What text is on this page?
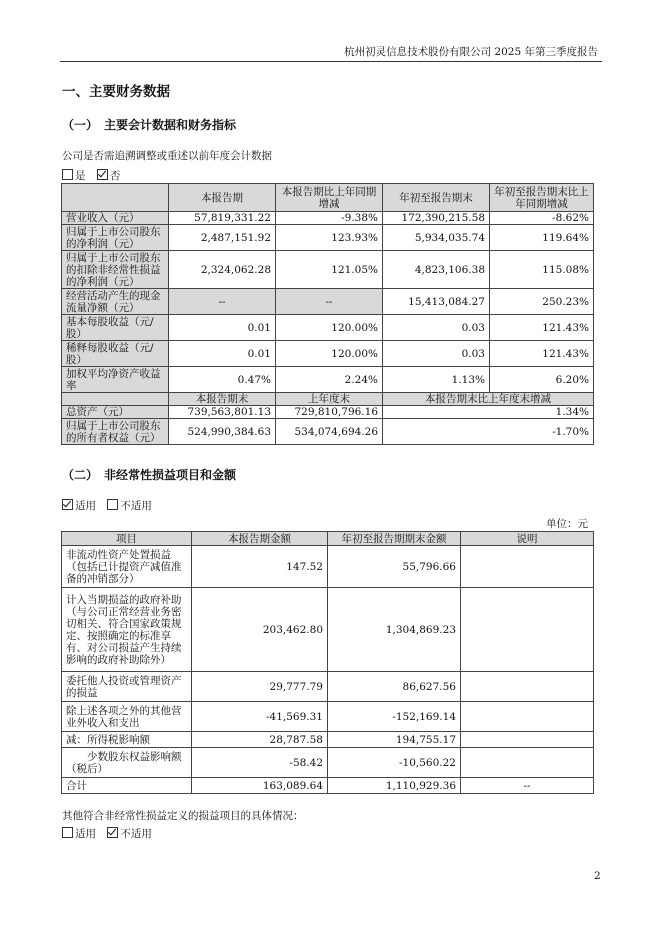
杭州初灵信息技术股份有限公司 2025 年第三季度报告
一、主要财务数据
（一）　主要会计数据和财务指标
公司是否需追溯调整或重述以前年度会计数据
是 否
	本报告期	本报告期比上年同期增减	年初至报告期末	年初至报告期末比上年同期增减
营业收入（元）	57,819,331.22	-9.38%	172,390,215.58	-8.62%
归属于上市公司股东的净利润（元）	2,487,151.92	123.93%	5,934,035.74	119.64%
归属于上市公司股东的扣除非经常性损益的净利润（元）	2,324,062.28	121.05%	4,823,106.38	115.08%
经营活动产生的现金流量净额（元）	--	--	15,413,084.27	250.23%
基本每股收益（元/股）	0.01	120.00%	0.03	121.43%
稀释每股收益（元/股）	0.01	120.00%	0.03	121.43%
加权平均净资产收益率	0.47%	2.24%	1.13%	6.20%
	本报告期末	上年度末	本报告期末比上年度末增减	
总资产（元）	739,563,801.13	729,810,796.16	1.34%	
归属于上市公司股东的所有者权益（元）	524,990,384.63	534,074,694.26	-1.70%	
（二）　非经常性损益项目和金额
适用 不适用
单位：元
项目	本报告期金额	年初至报告期期末金额	说明
非流动性资产处置损益（包括已计提资产减值准备的冲销部分）	147.52	55,796.66	
计入当期损益的政府补助（与公司正常经营业务密切相关、符合国家政策规定、按照确定的标准享有、对公司损益产生持续影响的政府补助除外）	203,462.80	1,304,869.23	
委托他人投资或管理资产的损益	29,777.79	86,627.56	
除上述各项之外的其他营业外收入和支出	-41,569.31	-152,169.14	
减：所得税影响额	28,787.58	194,755.17	
　　少数股东权益影响额（税后）	-58.42	-10,560.22	
合计	163,089.64	1,110,929.36	--
其他符合非经常性损益定义的损益项目的具体情况：
适用 不适用
2
